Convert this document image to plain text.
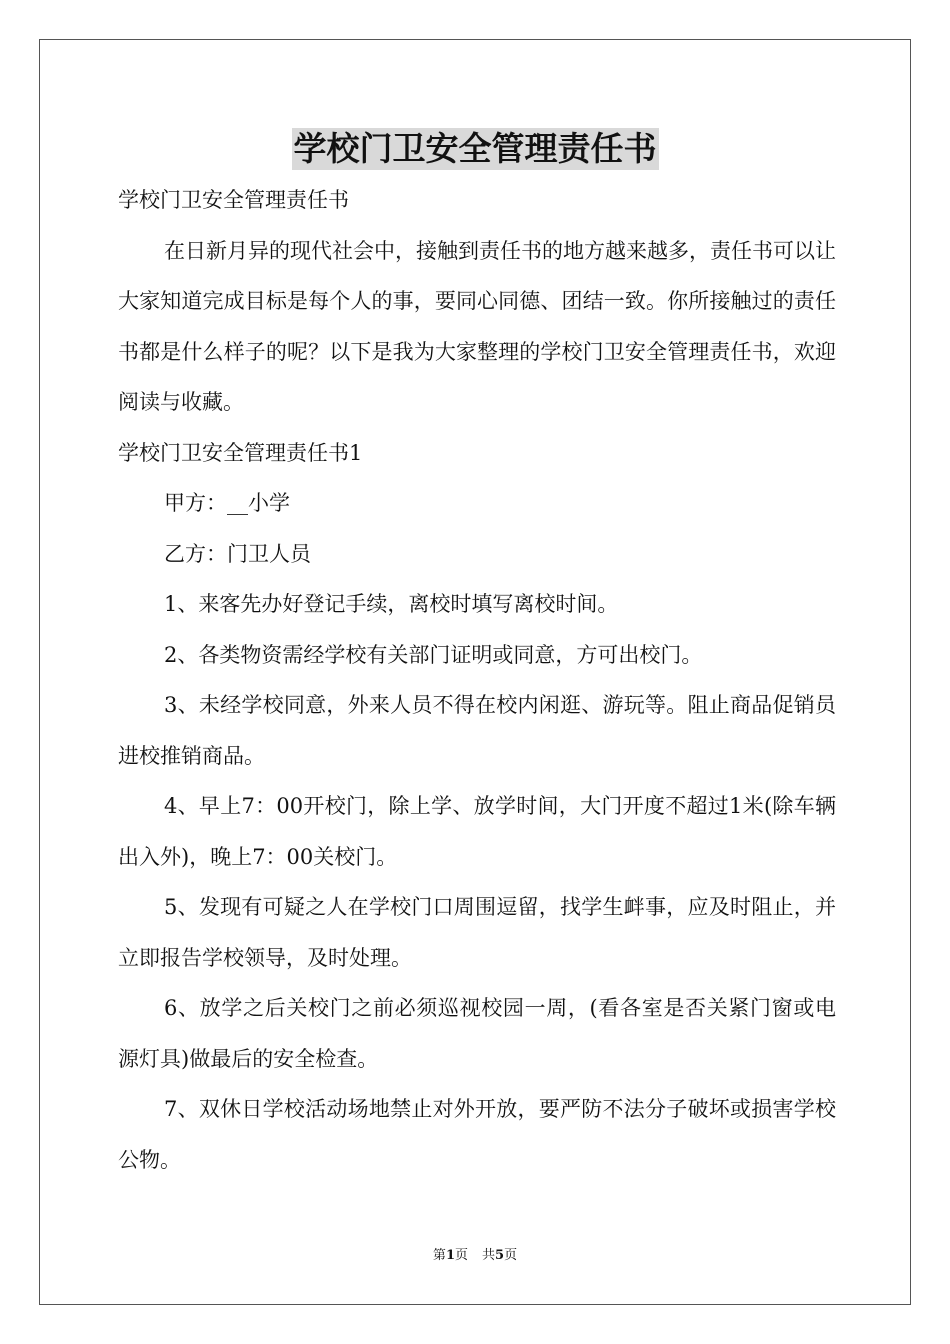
学校门卫安全管理责任书

学校门卫安全管理责任书

在日新月异的现代社会中，接触到责任书的地方越来越多，责任书可以让大家知道完成目标是每个人的事，要同心同德、团结一致。你所接触过的责任书都是什么样子的呢？以下是我为大家整理的学校门卫安全管理责任书，欢迎阅读与收藏。

学校门卫安全管理责任书1

甲方：__小学

乙方：门卫人员

1、来客先办好登记手续，离校时填写离校时间。

2、各类物资需经学校有关部门证明或同意，方可出校门。

3、未经学校同意，外来人员不得在校内闲逛、游玩等。阻止商品促销员进校推销商品。

4、早上7：00开校门，除上学、放学时间，大门开度不超过1米(除车辆出入外)，晚上7：00关校门。

5、发现有可疑之人在学校门口周围逗留，找学生衅事，应及时阻止，并立即报告学校领导，及时处理。

6、放学之后关校门之前必须巡视校园一周，(看各室是否关紧门窗或电源灯具)做最后的安全检查。

7、双休日学校活动场地禁止对外开放，要严防不法分子破坏或损害学校公物。

第1页 共5页
